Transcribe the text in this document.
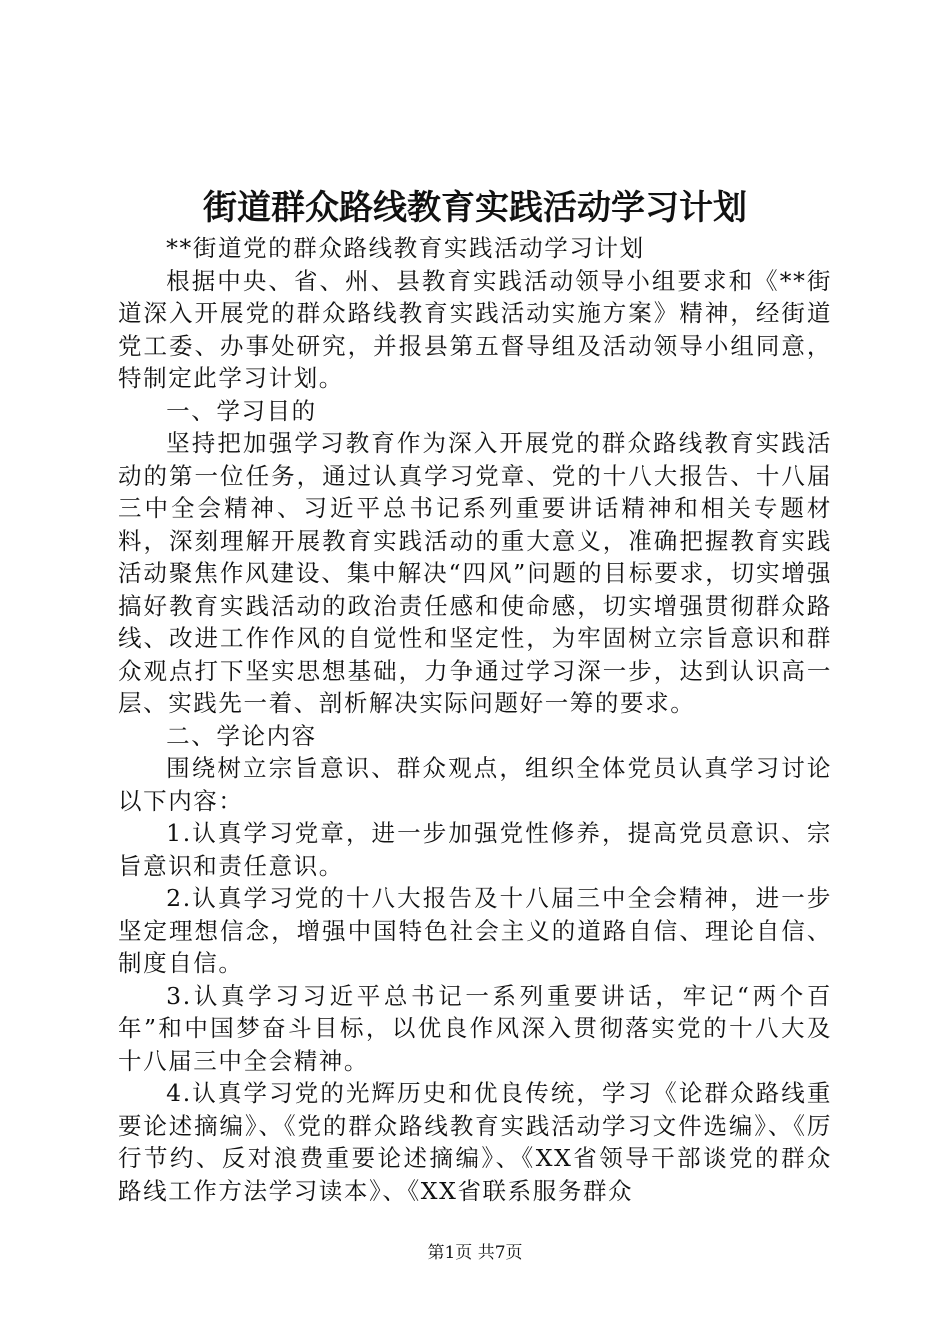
街道群众路线教育实践活动学习计划

**街道党的群众路线教育实践活动学习计划

根据中央、省、州、县教育实践活动领导小组要求和《**街道深入开展党的群众路线教育实践活动实施方案》精神，经街道党工委、办事处研究，并报县第五督导组及活动领导小组同意，特制定此学习计划。

一、学习目的

坚持把加强学习教育作为深入开展党的群众路线教育实践活动的第一位任务，通过认真学习党章、党的十八大报告、十八届三中全会精神、习近平总书记系列重要讲话精神和相关专题材料，深刻理解开展教育实践活动的重大意义，准确把握教育实践活动聚焦作风建设、集中解决“四风”问题的目标要求，切实增强搞好教育实践活动的政治责任感和使命感，切实增强贯彻群众路线、改进工作作风的自觉性和坚定性，为牢固树立宗旨意识和群众观点打下坚实思想基础，力争通过学习深一步，达到认识高一层、实践先一着、剖析解决实际问题好一筹的要求。

二、学论内容

围绕树立宗旨意识、群众观点，组织全体党员认真学习讨论以下内容：

1.认真学习党章，进一步加强党性修养，提高党员意识、宗旨意识和责任意识。

2.认真学习党的十八大报告及十八届三中全会精神，进一步坚定理想信念，增强中国特色社会主义的道路自信、理论自信、制度自信。

3.认真学习习近平总书记一系列重要讲话，牢记“两个百年”和中国梦奋斗目标，以优良作风深入贯彻落实党的十八大及十八届三中全会精神。

4.认真学习党的光辉历史和优良传统，学习《论群众路线重要论述摘编》、《党的群众路线教育实践活动学习文件选编》、《厉行节约、反对浪费重要论述摘编》、《XX省领导干部谈党的群众路线工作方法学习读本》、《XX省联系服务群众

第1页 共7页
